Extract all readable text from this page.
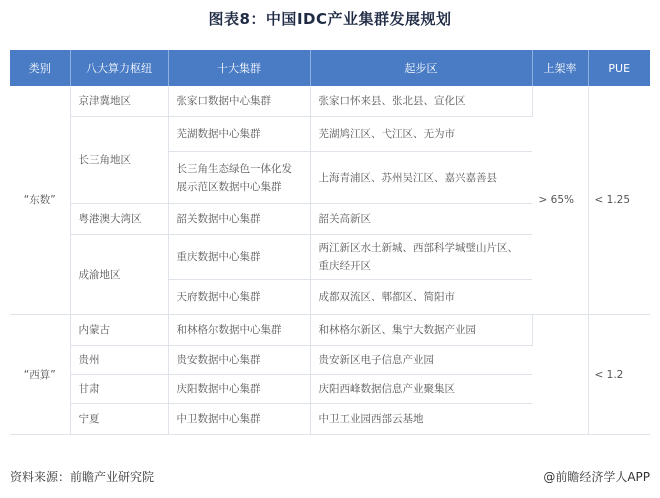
图表8：中国IDC产业集群发展规划
类别	八大算力枢纽	十大集群	起步区	上架率	PUE
“东数”	京津冀地区	张家口数据中心集群	张家口怀来县、张北县、宣化区	> 65%	< 1.25
	长三角地区	芜湖数据中心集群	芜湖鸠江区、弋江区、无为市		
		长三角生态绿色一体化发展示范区数据中心集群	上海青浦区、苏州吴江区、嘉兴嘉善县		
	粤港澳大湾区	韶关数据中心集群	韶关高新区		
	成渝地区	重庆数据中心集群	两江新区水土新城、西部科学城璧山片区、重庆经开区		
		天府数据中心集群	成都双流区、郫都区、简阳市		
“西算”	内蒙古	和林格尔数据中心集群	和林格尔新区、集宁大数据产业园		< 1.2
	贵州	贵安数据中心集群	贵安新区电子信息产业园		
	甘肃	庆阳数据中心集群	庆阳西峰数据信息产业聚集区		
	宁夏	中卫数据中心集群	中卫工业园西部云基地		
资料来源：前瞻产业研究院	@前瞻经济学人APP
